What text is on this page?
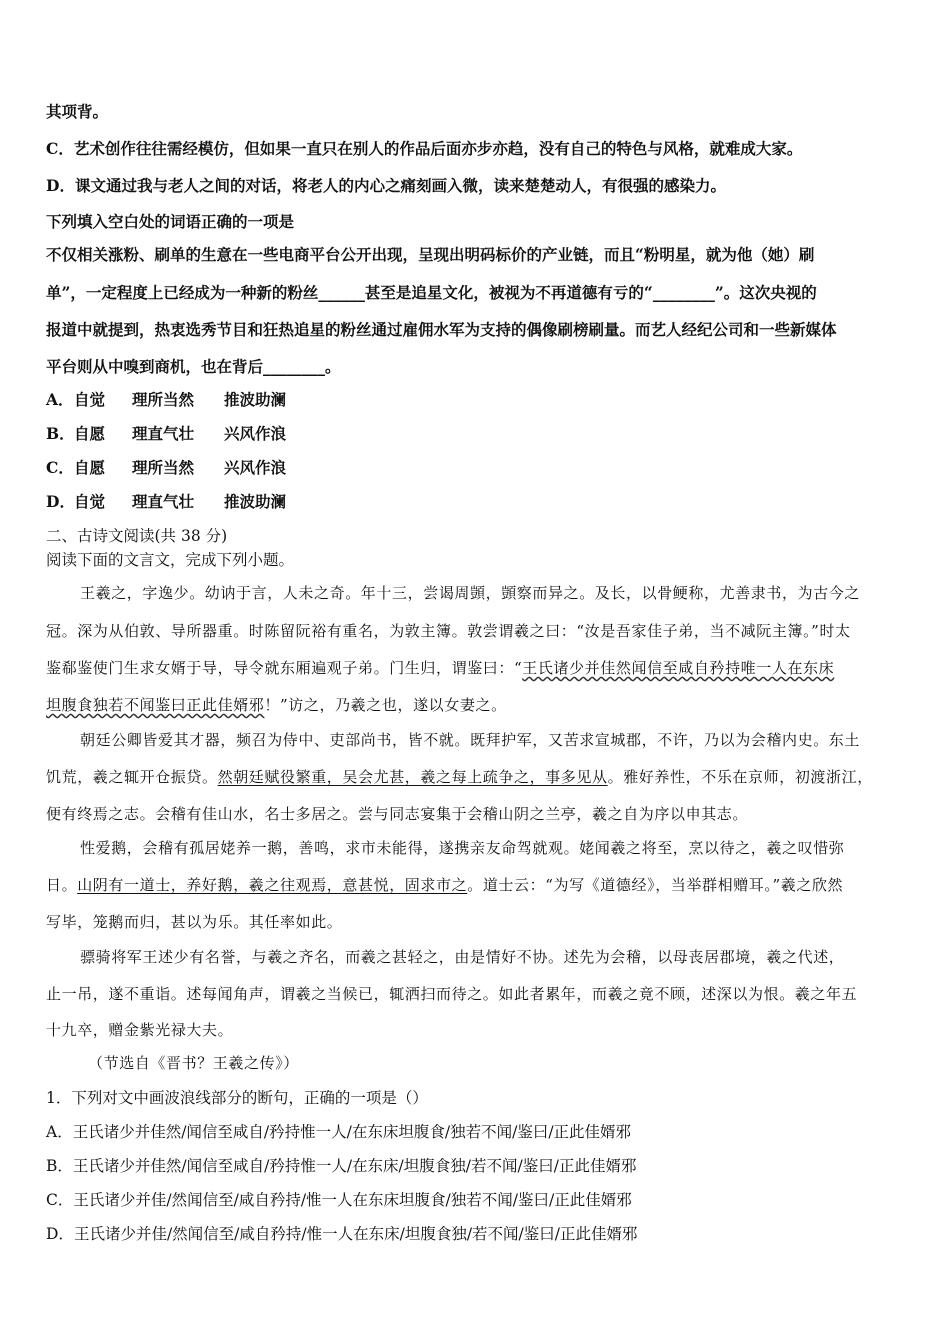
其项背。
C．艺术创作往往需经模仿，但如果一直只在别人的作品后面亦步亦趋，没有自己的特色与风格，就难成大家。
D．课文通过我与老人之间的对话，将老人的内心之痛刻画入微，读来楚楚动人，有很强的感染力。
下列填入空白处的词语正确的一项是
不仅相关涨粉、刷单的生意在一些电商平台公开出现，呈现出明码标价的产业链，而且“粉明星，就为他（她）刷
单”，一定程度上已经成为一种新的粉丝______甚至是追星文化，被视为不再道德有亏的“________”。这次央视的
报道中就提到，热衷选秀节目和狂热追星的粉丝通过雇佣水军为支持的偶像刷榜刷量。而艺人经纪公司和一些新媒体
平台则从中嗅到商机，也在背后________。
A．自觉 理所当然 推波助澜
B．自愿 理直气壮 兴风作浪
C．自愿 理所当然 兴风作浪
D．自觉 理直气壮 推波助澜
二、古诗文阅读(共 38 分)
阅读下面的文言文，完成下列小题。
王羲之，字逸少。幼讷于言，人未之奇。年十三，尝谒周顗，顗察而异之。及长，以骨鲠称，尤善隶书，为古今之
冠。深为从伯敦、导所器重。时陈留阮裕有重名，为敦主簿。敦尝谓羲之曰：“汝是吾家佳子弟，当不减阮主簿。”时太
鉴郗鉴使门生求女婿于导，导令就东厢遍观子弟。门生归，谓鉴曰：“王氏诸少并佳然闻信至咸自矜持唯一人在东床
坦腹食独若不闻鉴曰正此佳婿邪！”访之，乃羲之也，遂以女妻之。
朝廷公卿皆爱其才器，频召为侍中、吏部尚书，皆不就。既拜护军，又苦求宣城郡，不许，乃以为会稽内史。东土
饥荒，羲之辄开仓振贷。然朝廷赋役繁重，吴会尤甚，羲之每上疏争之，事多见从。雅好养性，不乐在京师，初渡浙江，
便有终焉之志。会稽有佳山水，名士多居之。尝与同志宴集于会稽山阴之兰亭，羲之自为序以申其志。
性爱鹅，会稽有孤居姥养一鹅，善鸣，求市未能得，遂携亲友命驾就观。姥闻羲之将至，烹以待之，羲之叹惜弥
日。山阴有一道士，养好鹅，羲之往观焉，意甚悦，固求市之。道士云：“为写《道德经》，当举群相赠耳。”羲之欣然
写毕，笼鹅而归，甚以为乐。其任率如此。
骠骑将军王述少有名誉，与羲之齐名，而羲之甚轻之，由是情好不协。述先为会稽，以母丧居郡境，羲之代述，
止一吊，遂不重诣。述每闻角声，谓羲之当候已，辄洒扫而待之。如此者累年，而羲之竟不顾，述深以为恨。羲之年五
十九卒，赠金紫光禄大夫。
（节选自《晋书？王羲之传》）
1．下列对文中画波浪线部分的断句，正确的一项是（）
A．王氏诸少并佳然/闻信至咸自/矜持惟一人/在东床坦腹食/独若不闻/鉴曰/正此佳婿邪
B．王氏诸少并佳然/闻信至咸自/矜持惟一人/在东床/坦腹食独/若不闻/鉴曰/正此佳婿邪
C．王氏诸少并佳/然闻信至/咸自矜持/惟一人在东床坦腹食/独若不闻/鉴曰/正此佳婿邪
D．王氏诸少并佳/然闻信至/咸自矜持/惟一人在东床/坦腹食独/若不闻/鉴曰/正此佳婿邪
